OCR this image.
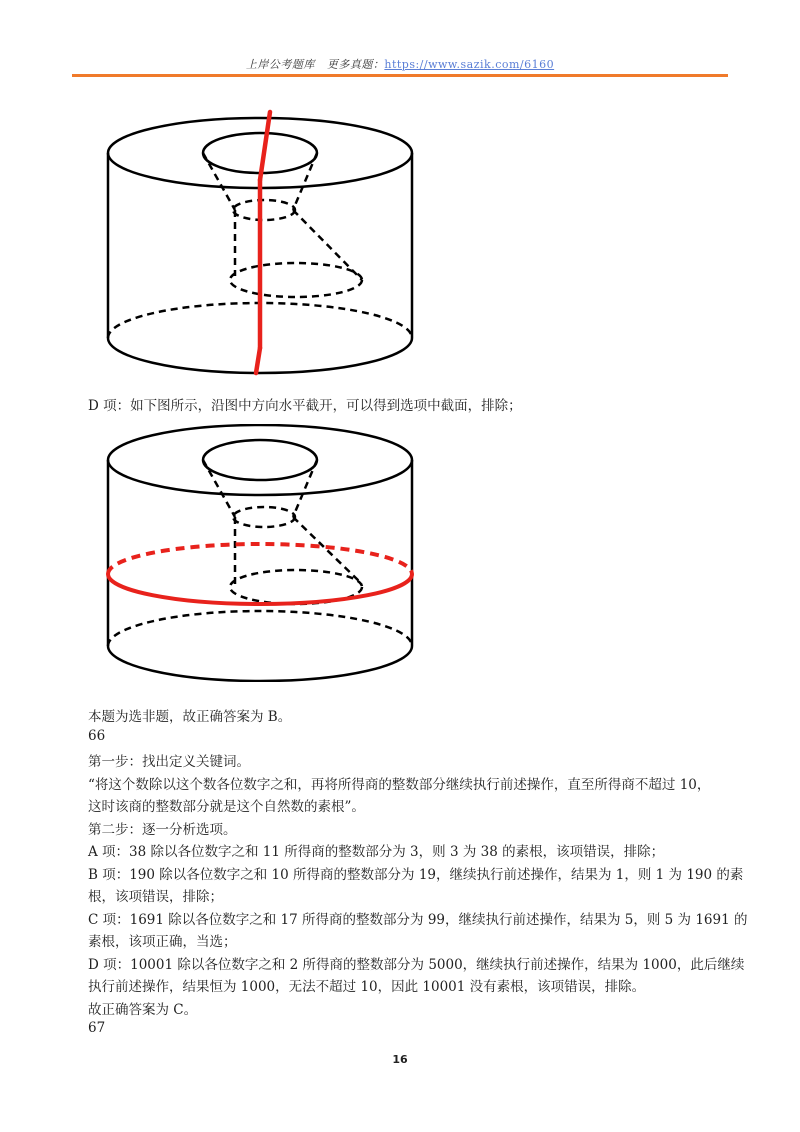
上岸公考题库 更多真题：https://www.sazik.com/6160
D 项：如下图所示，沿图中方向水平截开，可以得到选项中截面，排除；
本题为选非题，故正确答案为 B。
66
第一步：找出定义关键词。
“将这个数除以这个数各位数字之和，再将所得商的整数部分继续执行前述操作，直至所得商不超过 10，
这时该商的整数部分就是这个自然数的素根”。
第二步：逐一分析选项。
A 项：38 除以各位数字之和 11 所得商的整数部分为 3，则 3 为 38 的素根，该项错误，排除；
B 项：190 除以各位数字之和 10 所得商的整数部分为 19，继续执行前述操作，结果为 1，则 1 为 190 的素
根，该项错误，排除；
C 项：1691 除以各位数字之和 17 所得商的整数部分为 99，继续执行前述操作，结果为 5，则 5 为 1691 的
素根，该项正确，当选；
D 项：10001 除以各位数字之和 2 所得商的整数部分为 5000，继续执行前述操作，结果为 1000，此后继续
执行前述操作，结果恒为 1000，无法不超过 10，因此 10001 没有素根，该项错误，排除。
故正确答案为 C。
67
16
